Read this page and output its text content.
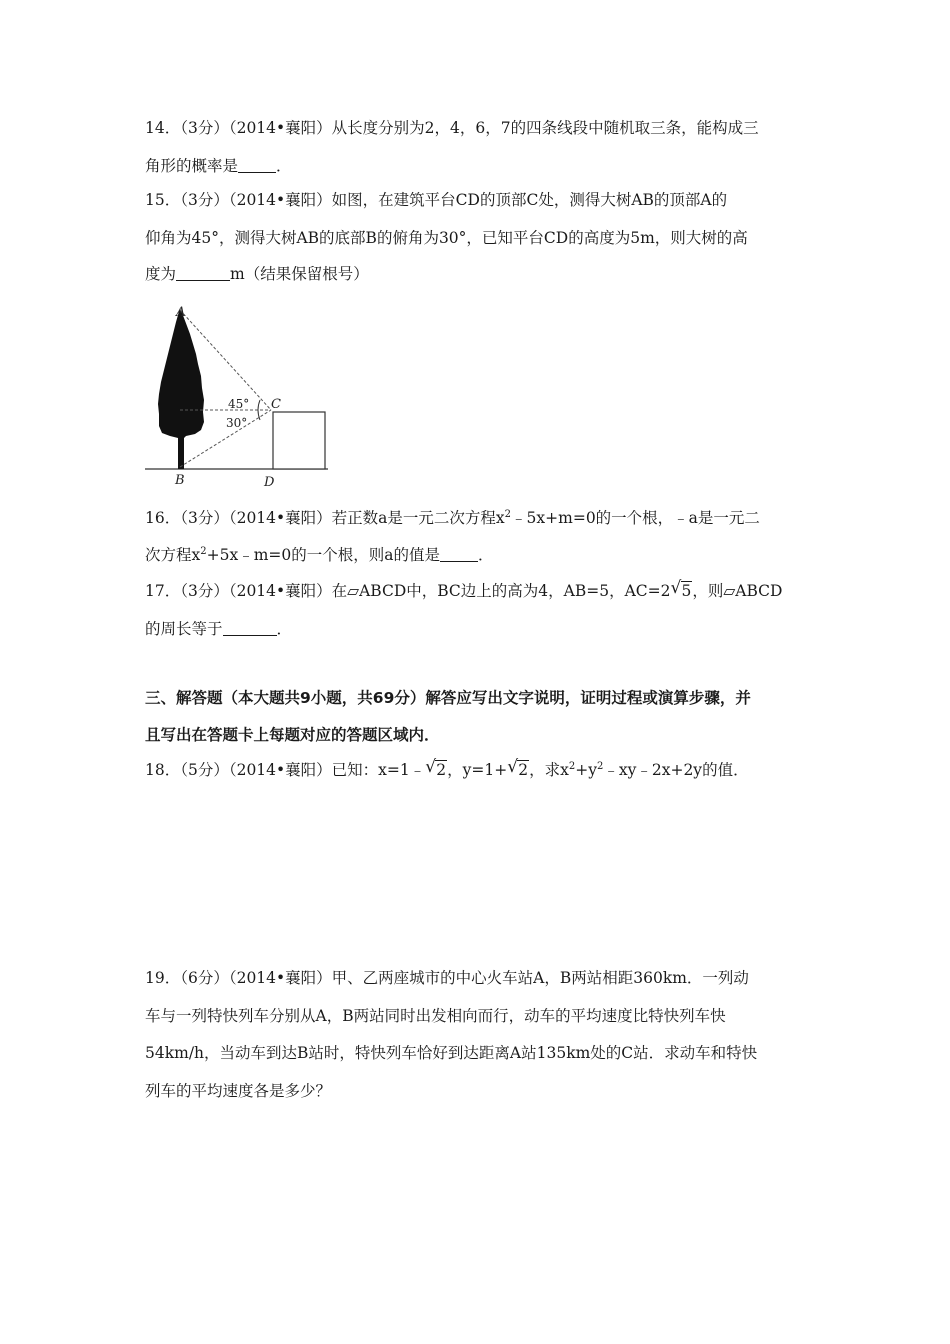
14．（3分）（2014•襄阳）从长度分别为2，4，6，7的四条线段中随机取三条，能构成三
角形的概率是 ．
15．（3分）（2014•襄阳）如图，在建筑平台CD的顶部C处，测得大树AB的顶部A的
仰角为45°，测得大树AB的底部B的俯角为30°，已知平台CD的高度为5m，则大树的高
度为	m（结果保留根号）
A
B
C
D
45°
30°
16．（3分）（2014•襄阳）若正数a是一元二次方程$x^2﹣5x+m=0$的一个根，﹣a是一元二
次方程$x^2+5x﹣m=0$的一个根，则a的值是 ．
17．（3分）（2014•襄阳）在▱ABCD中，BC边上的高为4，AB=5，AC=2 √ 5，则▱ABCD
的周长等于	．
三、解答题（本大题共9小题，共69分）解答应写出文字说明，证明过程或演算步骤，并
且写出在答题卡上每题对应的答题区域内．
18．（5分）（2014•襄阳）已知：x=1﹣ √ 2，y=1+ √ 2，求$x^2+y^2﹣xy﹣2x+2y$的值．
19．（6分）（2014•襄阳）甲、乙两座城市的中心火车站A，B两站相距360km．一列动
车与一列特快列车分别从A，B两站同时出发相向而行，动车的平均速度比特快列车快
54km/h，当动车到达B站时，特快列车恰好到达距离A站135km处的C站．求动车和特快
列车的平均速度各是多少？
